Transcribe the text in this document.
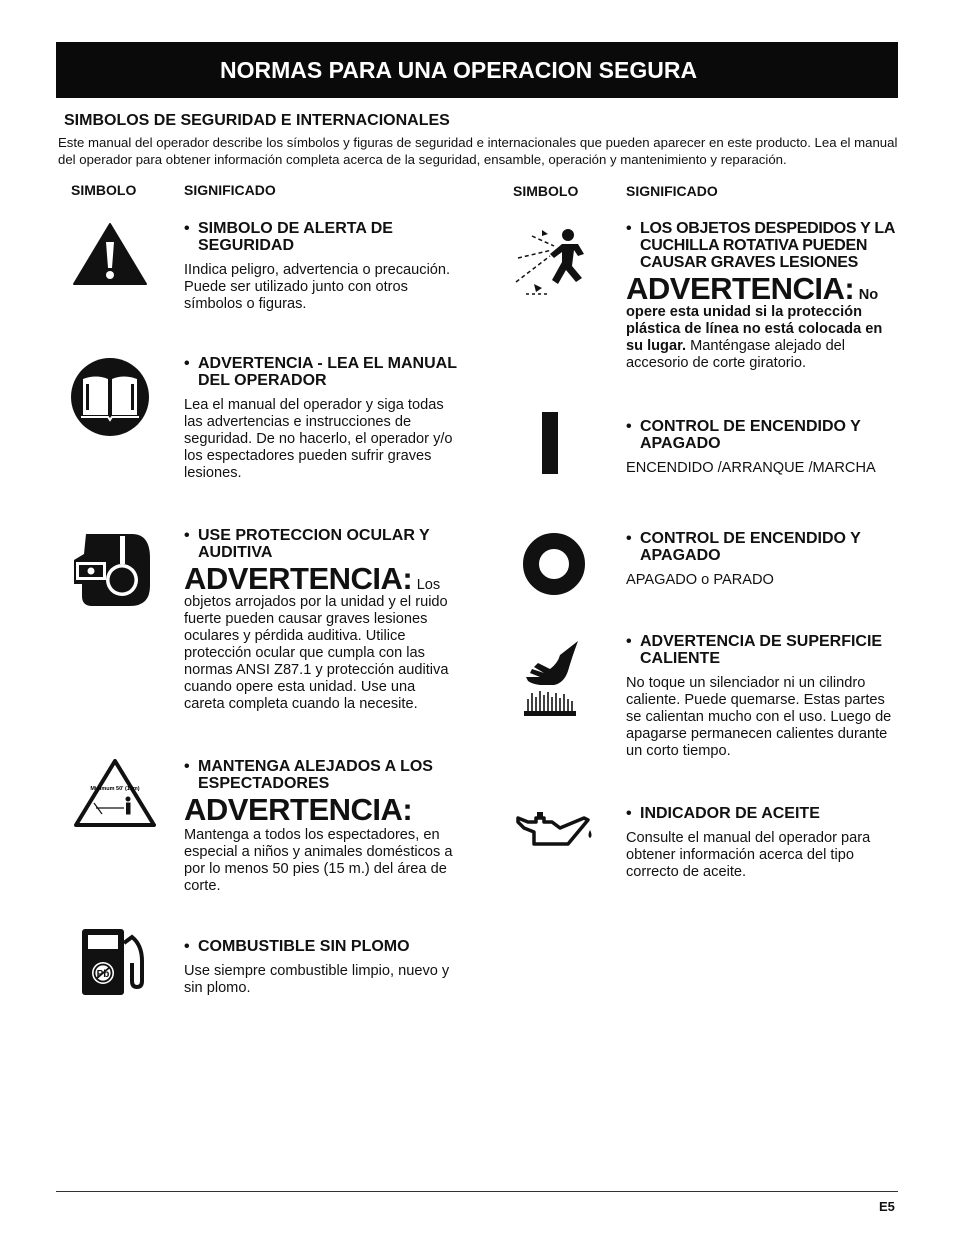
NORMAS PARA UNA OPERACION SEGURA
SIMBOLOS DE SEGURIDAD E INTERNACIONALES
Este manual del operador describe los símbolos y figuras de seguridad e internacionales que pueden aparecer en este producto. Lea el manual del operador para obtener información completa acerca de la seguridad, ensamble, operación y mantenimiento y reparación.
SIMBOLO	SIGNIFICADO	SIMBOLO	SIGNIFICADO
Minimum 50' (15m)
Pb
• SIMBOLO DE ALERTA DE SEGURIDAD
IIndica peligro, advertencia o precaución. Puede ser utilizado junto con otros símbolos o figuras.
• ADVERTENCIA - LEA EL MANUAL DEL OPERADOR
Lea el manual del operador y siga todas las advertencias e instrucciones de seguridad. De no hacerlo, el operador y/o los espectadores pueden sufrir graves lesiones.
• USE PROTECCION OCULAR Y AUDITIVA
ADVERTENCIA: Los
objetos arrojados por la unidad y el ruido fuerte pueden causar graves lesiones oculares y pérdida auditiva. Utilice protección ocular que cumpla con las normas ANSI Z87.1 y protección auditiva cuando opere esta unidad. Use una careta completa cuando la necesite.
• MANTENGA ALEJADOS A LOS ESPECTADORES
ADVERTENCIA:
Mantenga a todos los espectadores, en especial a niños y animales domésticos a por lo menos 50 pies (15 m.) del área de corte.
• COMBUSTIBLE SIN PLOMO
Use siempre combustible limpio, nuevo y sin plomo.
• LOS OBJETOS DESPEDIDOS Y LA CUCHILLA ROTATIVA PUEDEN CAUSAR GRAVES LESIONES
ADVERTENCIA: No
opere esta unidad si la protección plástica de línea no está colocada en su lugar. Manténgase alejado del accesorio de corte giratorio.
• CONTROL DE ENCENDIDO Y APAGADO
ENCENDIDO /ARRANQUE /MARCHA
• CONTROL DE ENCENDIDO Y APAGADO
APAGADO o PARADO
• ADVERTENCIA DE SUPERFICIE CALIENTE
No toque un silenciador ni un cilindro caliente. Puede quemarse. Estas partes se calientan mucho con el uso. Luego de apagarse permanecen calientes durante un corto tiempo.
• INDICADOR DE ACEITE
Consulte el manual del operador para obtener información acerca del tipo correcto de aceite.
E5
